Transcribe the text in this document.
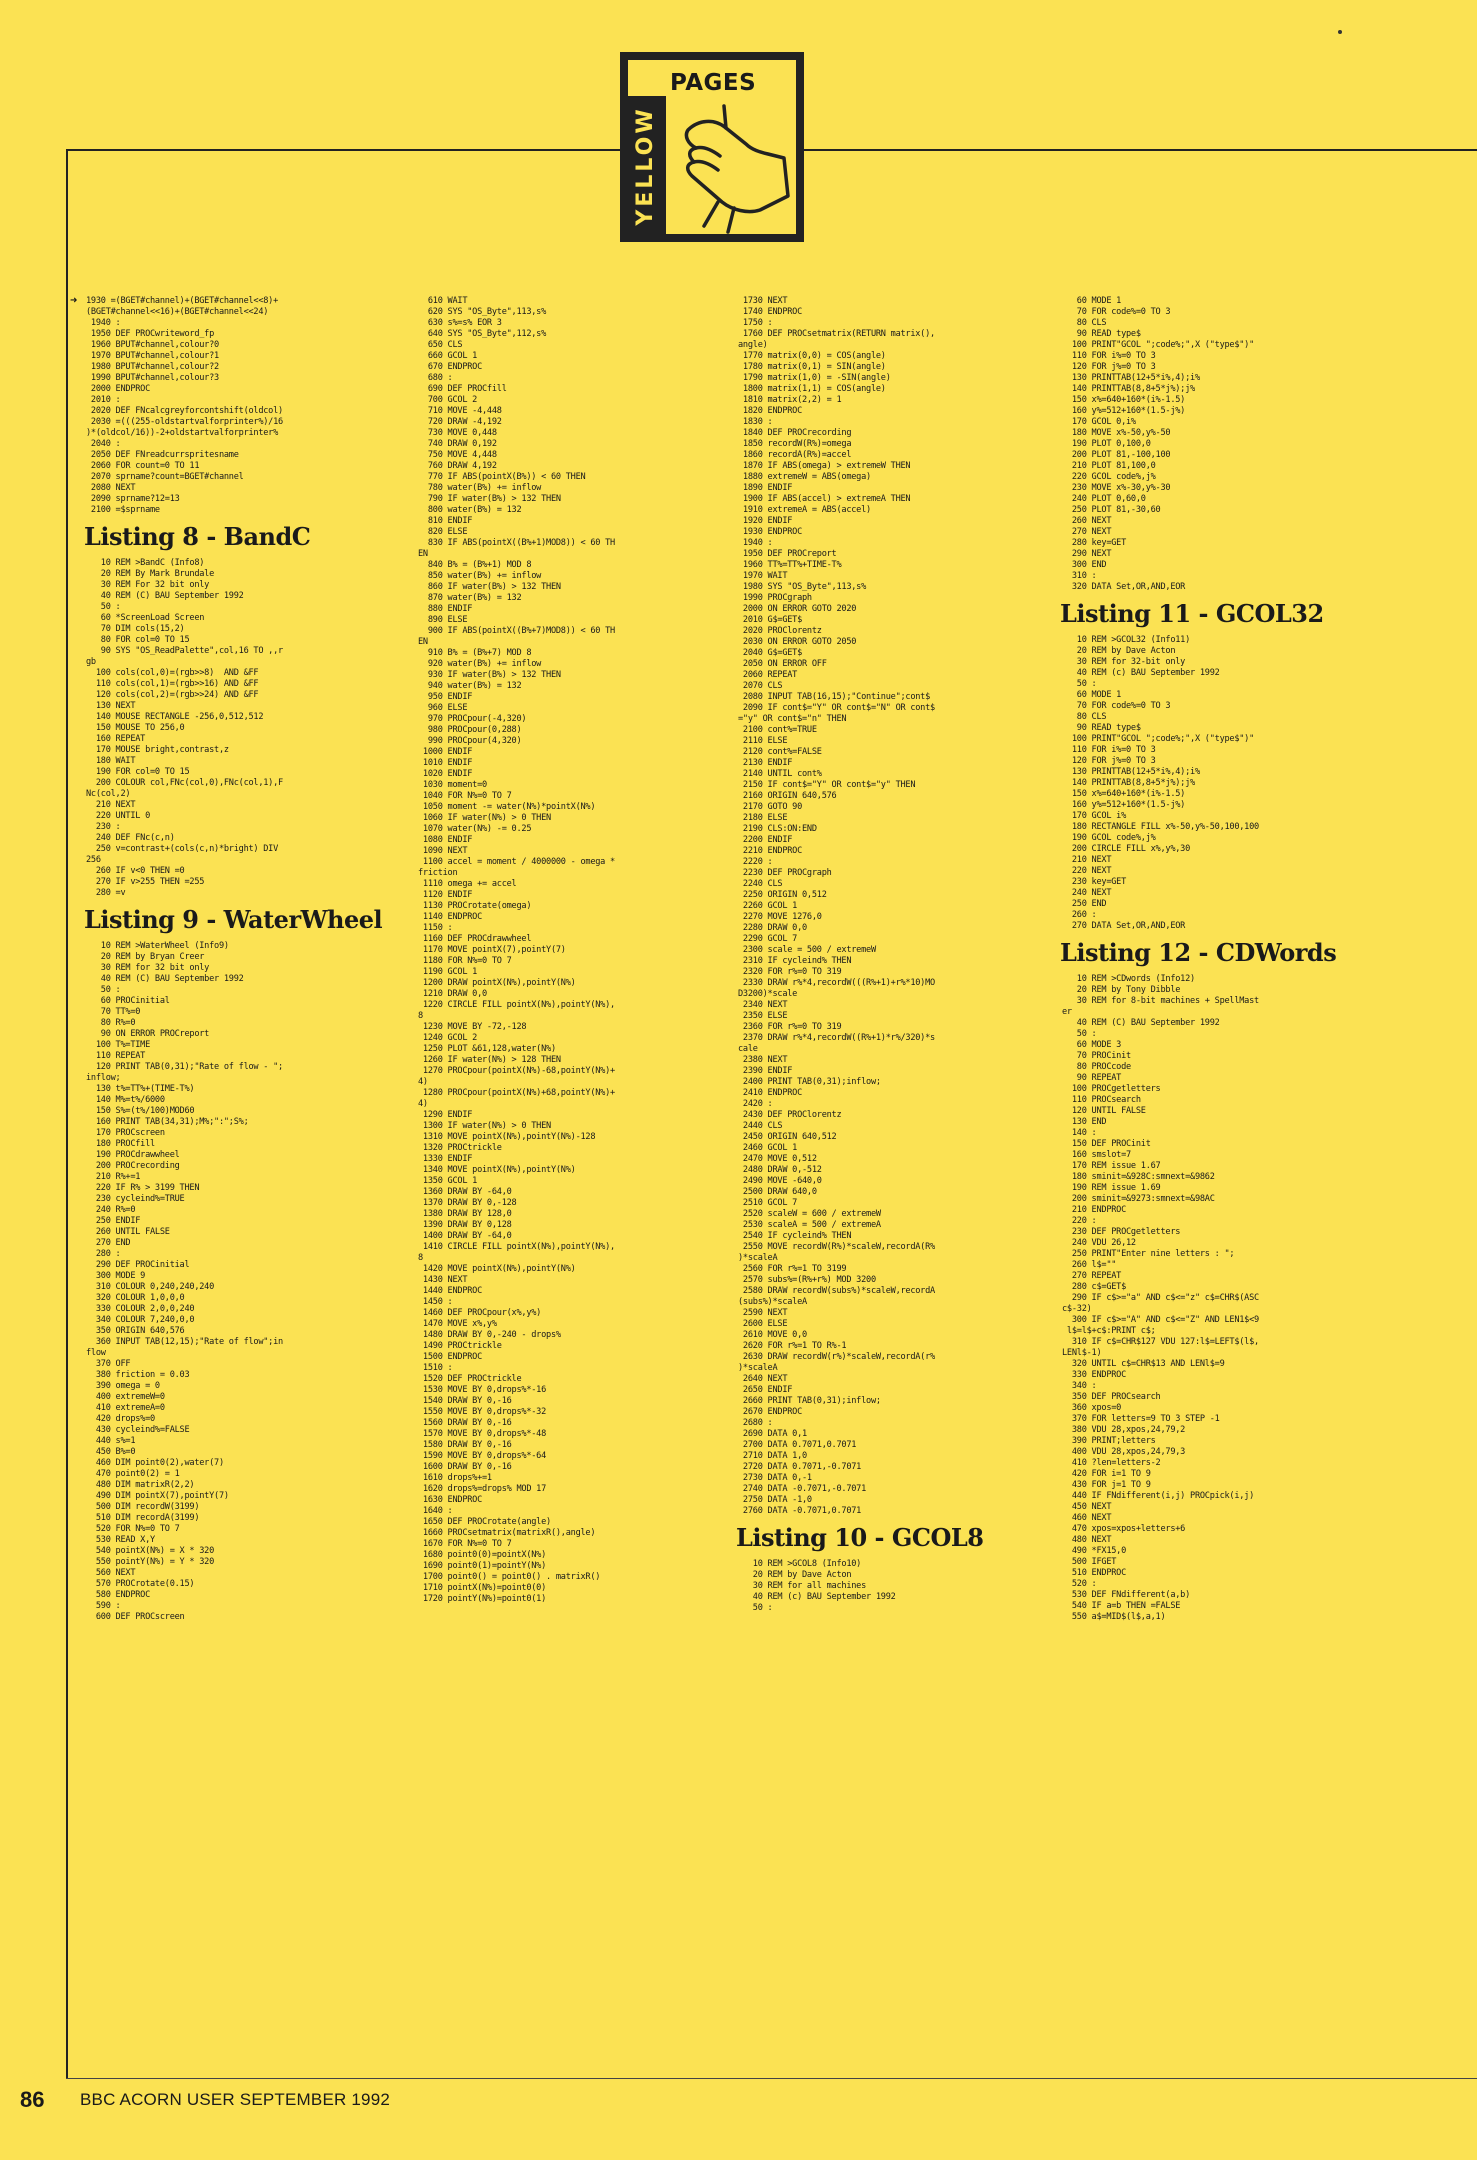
PAGES
YELLOW
➜	1930 =(BGET#channel)+(BGET#channel<<8)+
(BGET#channel<<16)+(BGET#channel<<24)
1940 :
1950 DEF PROCwriteword_fp
1960 BPUT#channel,colour?0
1970 BPUT#channel,colour?1
1980 BPUT#channel,colour?2
1990 BPUT#channel,colour?3
2000 ENDPROC
2010 :
2020 DEF FNcalcgreyforcontshift(oldcol)
2030 =(((255-oldstartvalforprinter%)/16
)*(oldcol/16))-2+oldstartvalforprinter%
2040 :
2050 DEF FNreadcurrspritesname
2060 FOR count=0 TO 11
2070 sprname?count=BGET#channel
2080 NEXT
2090 sprname?12=13
2100 =$sprname
Listing 8 - BandC
10 REM >BandC (Info8)
20 REM By Mark Brundale
30 REM For 32 bit only
40 REM (C) BAU September 1992
50 :
60 *ScreenLoad Screen
70 DIM cols(15,2)
80 FOR col=0 TO 15
90 SYS "OS_ReadPalette",col,16 TO ,,r
gb
100 cols(col,0)=(rgb>>8)  AND &FF
110 cols(col,1)=(rgb>>16) AND &FF
120 cols(col,2)=(rgb>>24) AND &FF
130 NEXT
140 MOUSE RECTANGLE -256,0,512,512
150 MOUSE TO 256,0
160 REPEAT
170 MOUSE bright,contrast,z
180 WAIT
190 FOR col=0 TO 15
200 COLOUR col,FNc(col,0),FNc(col,1),F
Nc(col,2)
210 NEXT
220 UNTIL 0
230 :
240 DEF FNc(c,n)
250 v=contrast+(cols(c,n)*bright) DIV
256
260 IF v<0 THEN =0
270 IF v>255 THEN =255
280 =v
Listing 9 - WaterWheel
10 REM >WaterWheel (Info9)
20 REM by Bryan Creer
30 REM for 32 bit only
40 REM (C) BAU September 1992
50 :
60 PROCinitial
70 TT%=0
80 R%=0
90 ON ERROR PROCreport
100 T%=TIME
110 REPEAT
120 PRINT TAB(0,31);"Rate of flow - ";
inflow;
130 t%=TT%+(TIME-T%)
140 M%=t%/6000
150 S%=(t%/100)MOD60
160 PRINT TAB(34,31);M%;":";S%;
170 PROCscreen
180 PROCfill
190 PROCdrawwheel
200 PROCrecording
210 R%+=1
220 IF R% > 3199 THEN
230 cycleind%=TRUE
240 R%=0
250 ENDIF
260 UNTIL FALSE
270 END
280 :
290 DEF PROCinitial
300 MODE 9
310 COLOUR 0,240,240,240
320 COLOUR 1,0,0,0
330 COLOUR 2,0,0,240
340 COLOUR 7,240,0,0
350 ORIGIN 640,576
360 INPUT TAB(12,15);"Rate of flow";in
flow
370 OFF
380 friction = 0.03
390 omega = 0
400 extremeW=0
410 extremeA=0
420 drops%=0
430 cycleind%=FALSE
440 s%=1
450 B%=0
460 DIM point0(2),water(7)
470 point0(2) = 1
480 DIM matrixR(2,2)
490 DIM pointX(7),pointY(7)
500 DIM recordW(3199)
510 DIM recordA(3199)
520 FOR N%=0 TO 7
530 READ X,Y
540 pointX(N%) = X * 320
550 pointY(N%) = Y * 320
560 NEXT
570 PROCrotate(0.15)
580 ENDPROC
590 :
600 DEF PROCscreen
610 WAIT
620 SYS "OS_Byte",113,s%
630 s%=s% EOR 3
640 SYS "OS_Byte",112,s%
650 CLS
660 GCOL 1
670 ENDPROC
680 :
690 DEF PROCfill
700 GCOL 2
710 MOVE -4,448
720 DRAW -4,192
730 MOVE 0,448
740 DRAW 0,192
750 MOVE 4,448
760 DRAW 4,192
770 IF ABS(pointX(B%)) < 60 THEN
780 water(B%) += inflow
790 IF water(B%) > 132 THEN
800 water(B%) = 132
810 ENDIF
820 ELSE
830 IF ABS(pointX((B%+1)MOD8)) < 60 TH
EN
840 B% = (B%+1) MOD 8
850 water(B%) += inflow
860 IF water(B%) > 132 THEN
870 water(B%) = 132
880 ENDIF
890 ELSE
900 IF ABS(pointX((B%+7)MOD8)) < 60 TH
EN
910 B% = (B%+7) MOD 8
920 water(B%) += inflow
930 IF water(B%) > 132 THEN
940 water(B%) = 132
950 ENDIF
960 ELSE
970 PROCpour(-4,320)
980 PROCpour(0,288)
990 PROCpour(4,320)
1000 ENDIF
1010 ENDIF
1020 ENDIF
1030 moment=0
1040 FOR N%=0 TO 7
1050 moment -= water(N%)*pointX(N%)
1060 IF water(N%) > 0 THEN
1070 water(N%) -= 0.25
1080 ENDIF
1090 NEXT
1100 accel = moment / 4000000 - omega *
friction
1110 omega += accel
1120 ENDIF
1130 PROCrotate(omega)
1140 ENDPROC
1150 :
1160 DEF PROCdrawwheel
1170 MOVE pointX(7),pointY(7)
1180 FOR N%=0 TO 7
1190 GCOL 1
1200 DRAW pointX(N%),pointY(N%)
1210 DRAW 0,0
1220 CIRCLE FILL pointX(N%),pointY(N%),
8
1230 MOVE BY -72,-128
1240 GCOL 2
1250 PLOT &61,128,water(N%)
1260 IF water(N%) > 128 THEN
1270 PROCpour(pointX(N%)-68,pointY(N%)+
4)
1280 PROCpour(pointX(N%)+68,pointY(N%)+
4)
1290 ENDIF
1300 IF water(N%) > 0 THEN
1310 MOVE pointX(N%),pointY(N%)-128
1320 PROCtrickle
1330 ENDIF
1340 MOVE pointX(N%),pointY(N%)
1350 GCOL 1
1360 DRAW BY -64,0
1370 DRAW BY 0,-128
1380 DRAW BY 128,0
1390 DRAW BY 0,128
1400 DRAW BY -64,0
1410 CIRCLE FILL pointX(N%),pointY(N%),
8
1420 MOVE pointX(N%),pointY(N%)
1430 NEXT
1440 ENDPROC
1450 :
1460 DEF PROCpour(x%,y%)
1470 MOVE x%,y%
1480 DRAW BY 0,-240 - drops%
1490 PROCtrickle
1500 ENDPROC
1510 :
1520 DEF PROCtrickle
1530 MOVE BY 0,drops%*-16
1540 DRAW BY 0,-16
1550 MOVE BY 0,drops%*-32
1560 DRAW BY 0,-16
1570 MOVE BY 0,drops%*-48
1580 DRAW BY 0,-16
1590 MOVE BY 0,drops%*-64
1600 DRAW BY 0,-16
1610 drops%+=1
1620 drops%=drops% MOD 17
1630 ENDPROC
1640 :
1650 DEF PROCrotate(angle)
1660 PROCsetmatrix(matrixR(),angle)
1670 FOR N%=0 TO 7
1680 point0(0)=pointX(N%)
1690 point0(1)=pointY(N%)
1700 point0() = point0() . matrixR()
1710 pointX(N%)=point0(0)
1720 pointY(N%)=point0(1)
1730 NEXT
1740 ENDPROC
1750 :
1760 DEF PROCsetmatrix(RETURN matrix(),
angle)
1770 matrix(0,0) = COS(angle)
1780 matrix(0,1) = SIN(angle)
1790 matrix(1,0) = -SIN(angle)
1800 matrix(1,1) = COS(angle)
1810 matrix(2,2) = 1
1820 ENDPROC
1830 :
1840 DEF PROCrecording
1850 recordW(R%)=omega
1860 recordA(R%)=accel
1870 IF ABS(omega) > extremeW THEN
1880 extremeW = ABS(omega)
1890 ENDIF
1900 IF ABS(accel) > extremeA THEN
1910 extremeA = ABS(accel)
1920 ENDIF
1930 ENDPROC
1940 :
1950 DEF PROCreport
1960 TT%=TT%+TIME-T%
1970 WAIT
1980 SYS "OS_Byte",113,s%
1990 PROCgraph
2000 ON ERROR GOTO 2020
2010 G$=GET$
2020 PROClorentz
2030 ON ERROR GOTO 2050
2040 G$=GET$
2050 ON ERROR OFF
2060 REPEAT
2070 CLS
2080 INPUT TAB(16,15);"Continue";cont$
2090 IF cont$="Y" OR cont$="N" OR cont$
="y" OR cont$="n" THEN
2100 cont%=TRUE
2110 ELSE
2120 cont%=FALSE
2130 ENDIF
2140 UNTIL cont%
2150 IF cont$="Y" OR cont$="y" THEN
2160 ORIGIN 640,576
2170 GOTO 90
2180 ELSE
2190 CLS:ON:END
2200 ENDIF
2210 ENDPROC
2220 :
2230 DEF PROCgraph
2240 CLS
2250 ORIGIN 0,512
2260 GCOL 1
2270 MOVE 1276,0
2280 DRAW 0,0
2290 GCOL 7
2300 scale = 500 / extremeW
2310 IF cycleind% THEN
2320 FOR r%=0 TO 319
2330 DRAW r%*4,recordW(((R%+1)+r%*10)MO
D3200)*scale
2340 NEXT
2350 ELSE
2360 FOR r%=0 TO 319
2370 DRAW r%*4,recordW((R%+1)*r%/320)*s
cale
2380 NEXT
2390 ENDIF
2400 PRINT TAB(0,31);inflow;
2410 ENDPROC
2420 :
2430 DEF PROClorentz
2440 CLS
2450 ORIGIN 640,512
2460 GCOL 1
2470 MOVE 0,512
2480 DRAW 0,-512
2490 MOVE -640,0
2500 DRAW 640,0
2510 GCOL 7
2520 scaleW = 600 / extremeW
2530 scaleA = 500 / extremeA
2540 IF cycleind% THEN
2550 MOVE recordW(R%)*scaleW,recordA(R%
)*scaleA
2560 FOR r%=1 TO 3199
2570 subs%=(R%+r%) MOD 3200
2580 DRAW recordW(subs%)*scaleW,recordA
(subs%)*scaleA
2590 NEXT
2600 ELSE
2610 MOVE 0,0
2620 FOR r%=1 TO R%-1
2630 DRAW recordW(r%)*scaleW,recordA(r%
)*scaleA
2640 NEXT
2650 ENDIF
2660 PRINT TAB(0,31);inflow;
2670 ENDPROC
2680 :
2690 DATA 0,1
2700 DATA 0.7071,0.7071
2710 DATA 1,0
2720 DATA 0.7071,-0.7071
2730 DATA 0,-1
2740 DATA -0.7071,-0.7071
2750 DATA -1,0
2760 DATA -0.7071,0.7071
Listing 10 - GCOL8
10 REM >GCOL8 (Info10)
20 REM by Dave Acton
30 REM for all machines
40 REM (c) BAU September 1992
50 :
60 MODE 1
70 FOR code%=0 TO 3
80 CLS
90 READ type$
100 PRINT"GCOL ";code%;",X ("type$")"
110 FOR i%=0 TO 3
120 FOR j%=0 TO 3
130 PRINTTAB(12+5*i%,4);i%
140 PRINTTAB(8,8+5*j%);j%
150 x%=640+160*(i%-1.5)
160 y%=512+160*(1.5-j%)
170 GCOL 0,i%
180 MOVE x%-50,y%-50
190 PLOT 0,100,0
200 PLOT 81,-100,100
210 PLOT 81,100,0
220 GCOL code%,j%
230 MOVE x%-30,y%-30
240 PLOT 0,60,0
250 PLOT 81,-30,60
260 NEXT
270 NEXT
280 key=GET
290 NEXT
300 END
310 :
320 DATA Set,OR,AND,EOR
Listing 11 - GCOL32
10 REM >GCOL32 (Info11)
20 REM by Dave Acton
30 REM for 32-bit only
40 REM (c) BAU September 1992
50 :
60 MODE 1
70 FOR code%=0 TO 3
80 CLS
90 READ type$
100 PRINT"GCOL ";code%;",X ("type$")"
110 FOR i%=0 TO 3
120 FOR j%=0 TO 3
130 PRINTTAB(12+5*i%,4);i%
140 PRINTTAB(8,8+5*j%);j%
150 x%=640+160*(i%-1.5)
160 y%=512+160*(1.5-j%)
170 GCOL i%
180 RECTANGLE FILL x%-50,y%-50,100,100
190 GCOL code%,j%
200 CIRCLE FILL x%,y%,30
210 NEXT
220 NEXT
230 key=GET
240 NEXT
250 END
260 :
270 DATA Set,OR,AND,EOR
Listing 12 - CDWords
10 REM >CDwords (Info12)
20 REM by Tony Dibble
30 REM for 8-bit machines + SpellMast
er
40 REM (C) BAU September 1992
50 :
60 MODE 3
70 PROCinit
80 PROCcode
90 REPEAT
100 PROCgetletters
110 PROCsearch
120 UNTIL FALSE
130 END
140 :
150 DEF PROCinit
160 smslot=7
170 REM issue 1.67
180 sminit=&928C:smnext=&9862
190 REM issue 1.69
200 sminit=&9273:smnext=&98AC
210 ENDPROC
220 :
230 DEF PROCgetletters
240 VDU 26,12
250 PRINT"Enter nine letters : ";
260 l$=""
270 REPEAT
280 c$=GET$
290 IF c$>="a" AND c$<="z" c$=CHR$(ASC
c$-32)
300 IF c$>="A" AND c$<="Z" AND LEN1$<9
l$=l$+c$:PRINT c$;
310 IF c$=CHR$127 VDU 127:l$=LEFT$(l$,
LENl$-1)
320 UNTIL c$=CHR$13 AND LENl$=9
330 ENDPROC
340 :
350 DEF PROCsearch
360 xpos=0
370 FOR letters=9 TO 3 STEP -1
380 VDU 28,xpos,24,79,2
390 PRINT;letters
400 VDU 28,xpos,24,79,3
410 ?len=letters-2
420 FOR i=1 TO 9
430 FOR j=1 TO 9
440 IF FNdifferent(i,j) PROCpick(i,j)
450 NEXT
460 NEXT
470 xpos=xpos+letters+6
480 NEXT
490 *FX15,0
500 IFGET
510 ENDPROC
520 :
530 DEF FNdifferent(a,b)
540 IF a=b THEN =FALSE
550 a$=MID$(l$,a,1)
86 BBC ACORN USER SEPTEMBER 1992
